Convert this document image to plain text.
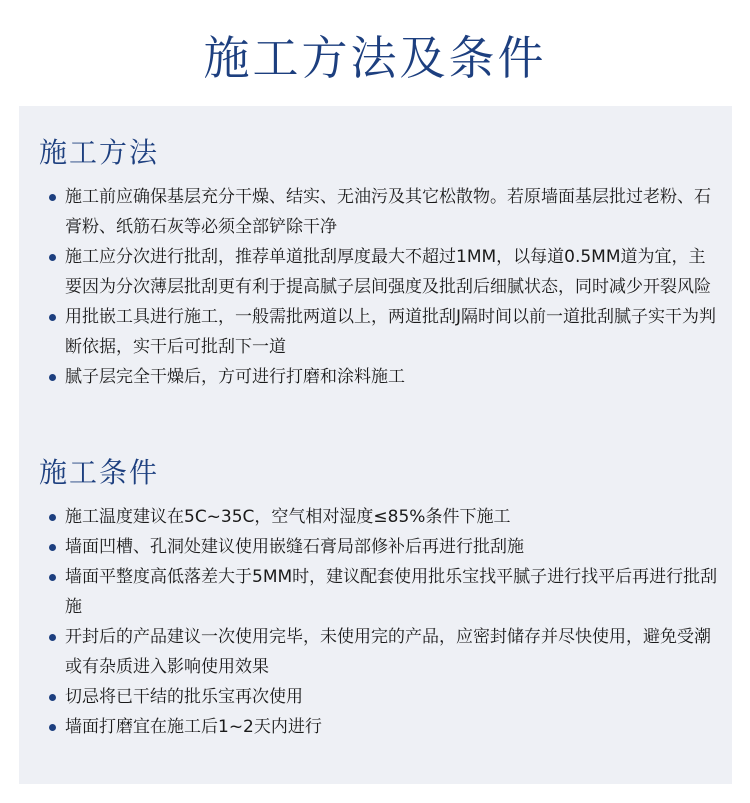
施工方法及条件
施工方法
施工前应确保基层充分干燥、结实、无油污及其它松散物。若原墙面基层批过老粉、石膏粉、纸筋石灰等必须全部铲除干净
施工应分次进行批刮，推荐单道批刮厚度最大不超过1MM，以每道0.5MM道为宜，主要因为分次薄层批刮更有利于提高腻子层间强度及批刮后细腻状态，同时减少开裂风险
用批嵌工具进行施工，一般需批两道以上，两道批刮J隔时间以前一道批刮腻子实干为判断依据，实干后可批刮下一道
腻子层完全干燥后，方可进行打磨和涂料施工
施工条件
施工温度建议在5C~35C，空气相对湿度≤85%条件下施工
墙面凹槽、孔洞处建议使用嵌缝石膏局部修补后再进行批刮施
墙面平整度高低落差大于5MM时，建议配套使用批乐宝找平腻子进行找平后再进行批刮施
开封后的产品建议一次使用完毕，未使用完的产品，应密封储存并尽快使用，避免受潮或有杂质进入影响使用效果
切忌将已干结的批乐宝再次使用
墙面打磨宜在施工后1~2天内进行
